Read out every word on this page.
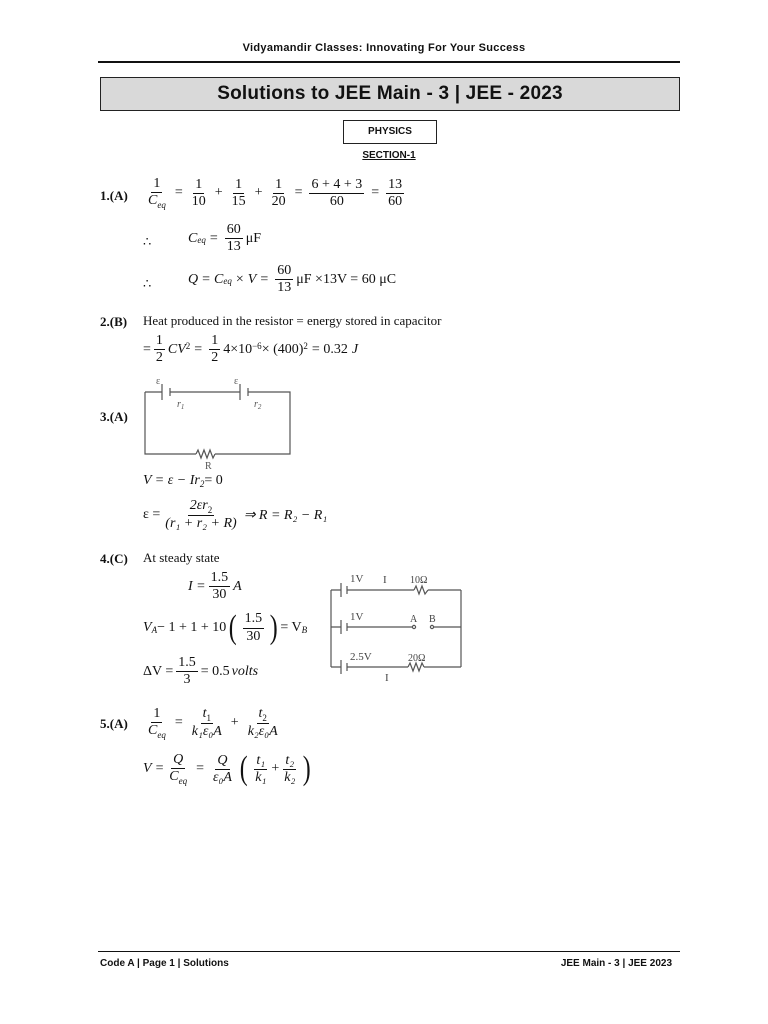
Vidyamandir Classes: Innovating For Your Success
Solutions to JEE Main - 3 | JEE - 2023
PHYSICS
SECTION-1
$1.(A) \frac{1}{C_{eq}} = \frac{1}{10} + \frac{1}{15} + \frac{1}{20} = \frac{6 + 4 + 3}{60} = \frac{13}{60}$
∴	C eq = $\frac{60}{13}$ μF
∴	Q = C eq × $V = \frac{60}{13}$ μF ×13V = 60 μC
2.(B) Heat produced in the resistor = energy stored in capacitor
= $\frac{1}{2} CV^2 = \frac{1}{2} 4\times 10^{-6} \times (400)^2 = 0.32$ J
3.(A)
ε	ε
$r_1$	$r_2$
R
$V = \varepsilon - Ir_2 = 0$
$\varepsilon = \frac{2\varepsilon r_2}{\text{(r₁ + r₂ + R)}}$ ⇒ R = R₂ − R₁
4.(C) At steady state
$I = \frac{1.5}{30}$ A
V A − 1 + 1 + 10 ( $\frac{1.5}{30}$ ) = V B
$\Delta V = \frac{1.5}{3} = 0.5$ volts
1V I 10Ω
1V	A B
2.5V	20Ω
I
$5.(A) \frac{1}{C_{eq}} = \frac{t_1}{\text{k₁ε₀A}} + \frac{t_2}{\text{k₂ε₀A}}$
$V = \frac{Q}{C_{eq}} = \frac{Q}{\text{ε₀A}}$ ( $\frac{\text{t₁}}{\text{k₁}} + \frac{\text{t₂}}{\text{k₂}}$ )
Code A | Page 1 | Solutions	JEE Main - 3 | JEE 2023
